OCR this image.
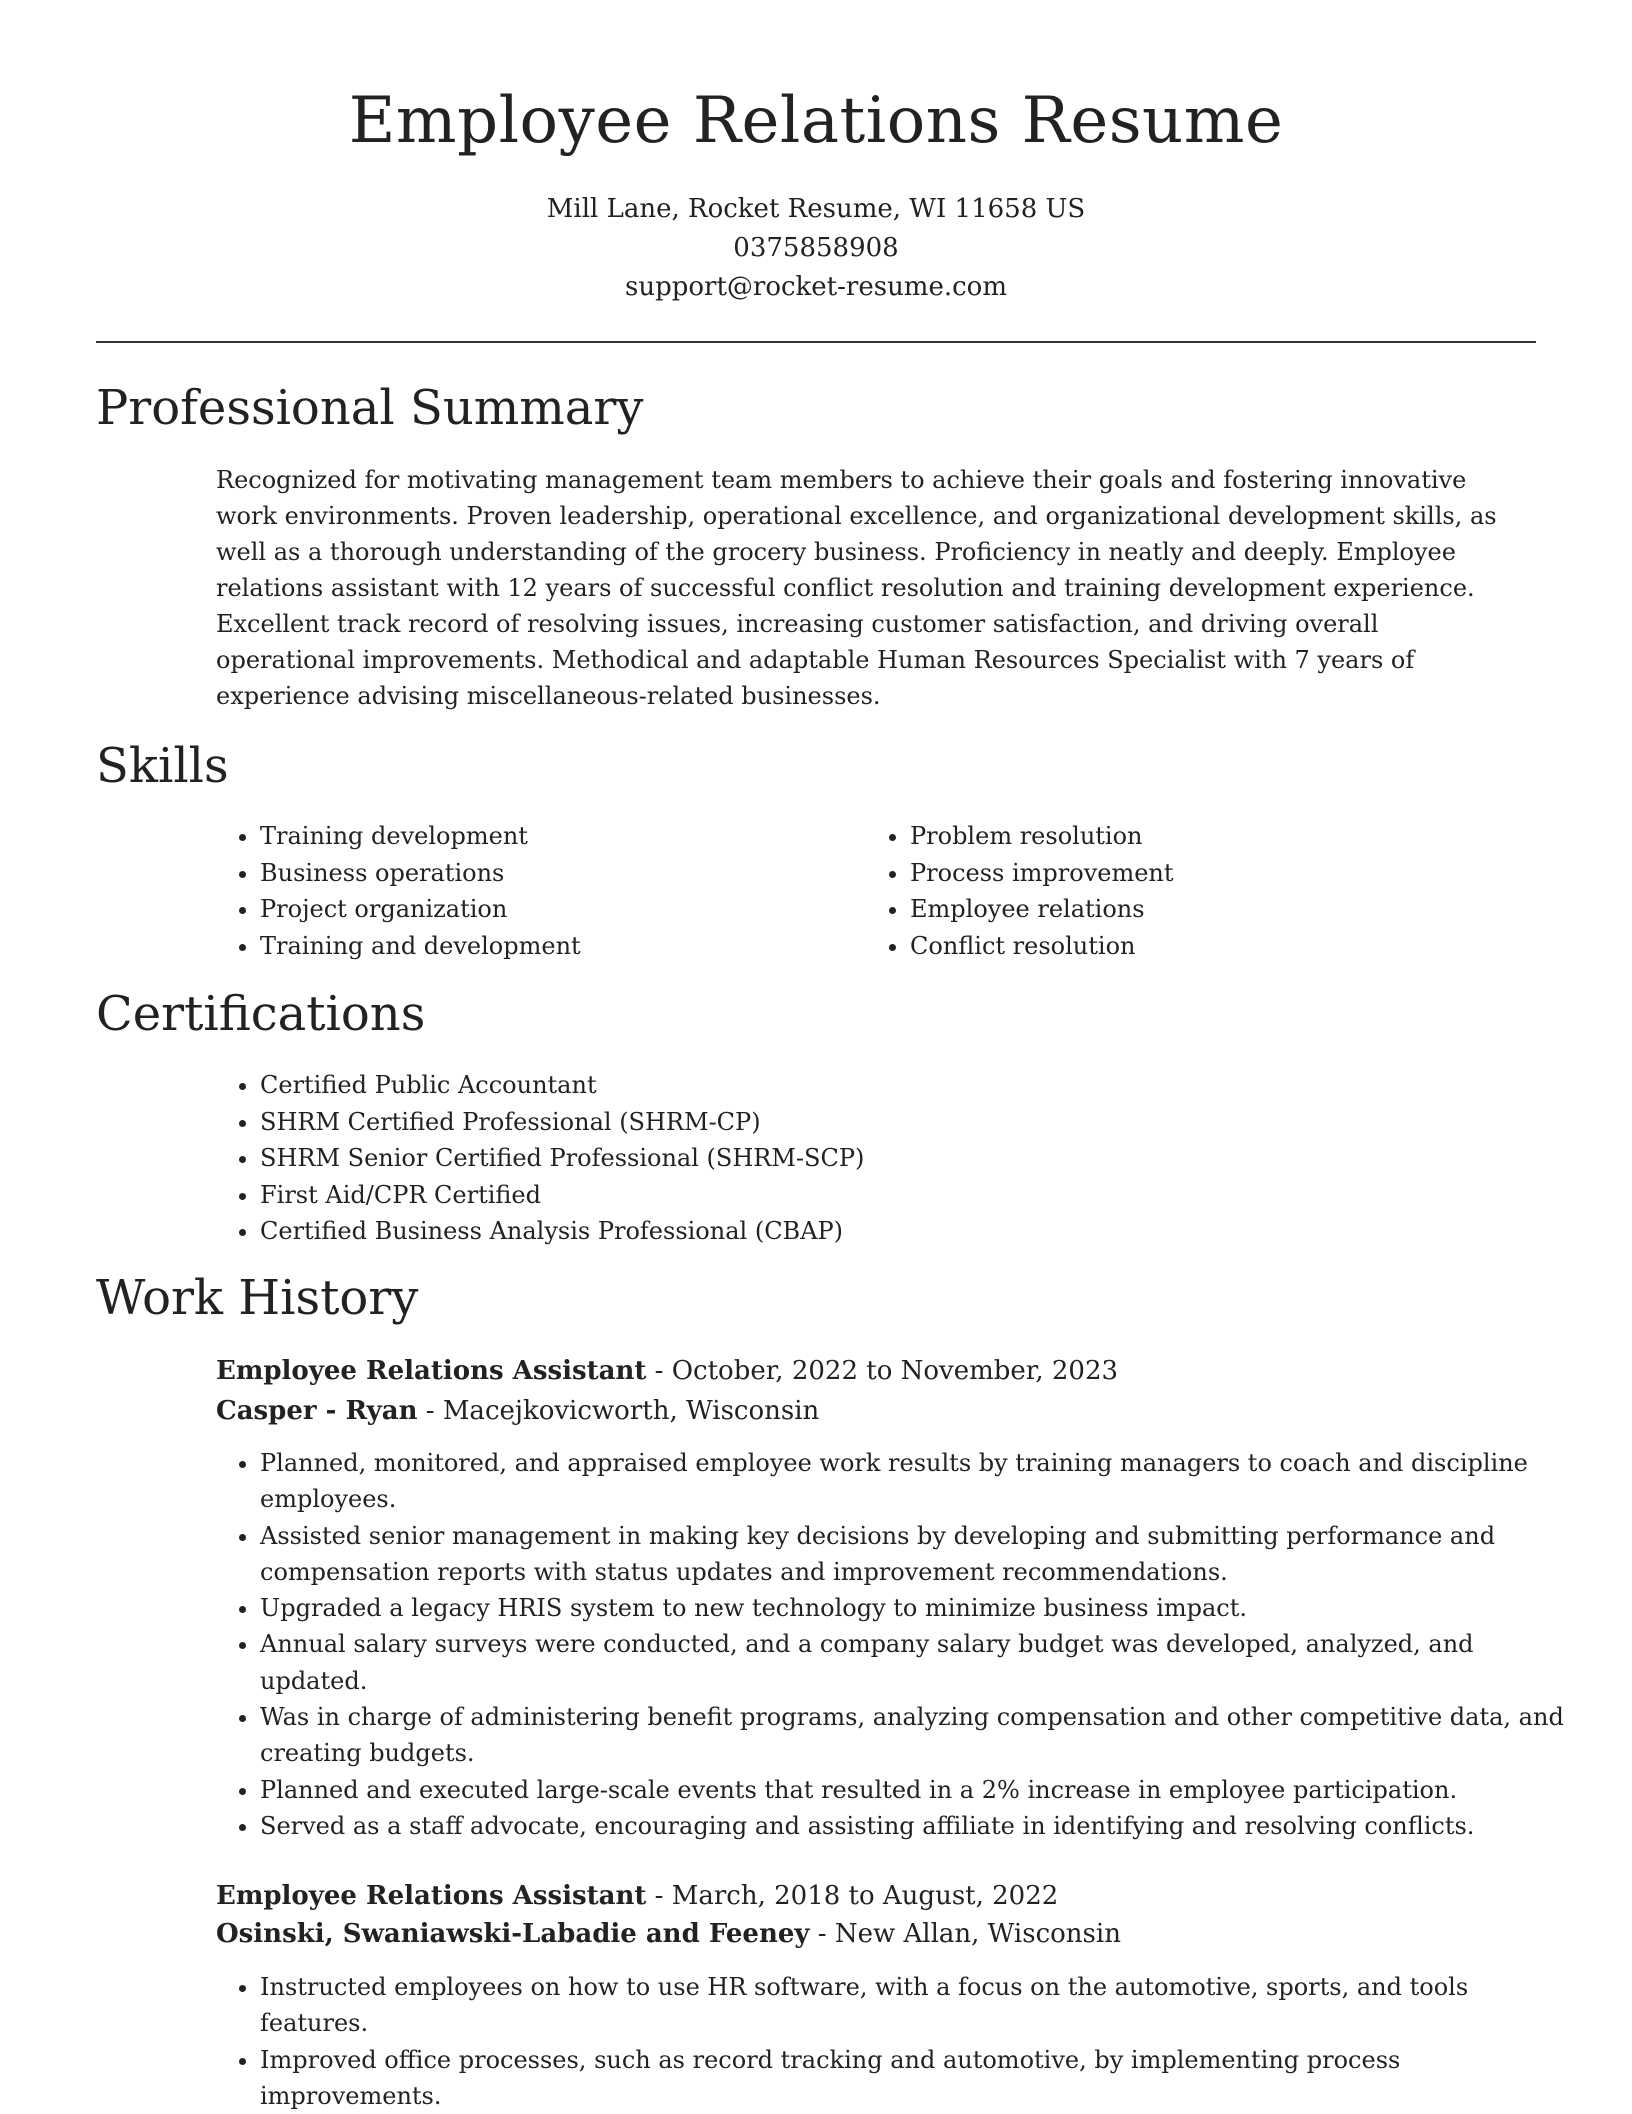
Employee Relations Resume
Mill Lane, Rocket Resume, WI 11658 US
0375858908
support@rocket-resume.com
Professional Summary

Recognized for motivating management team members to achieve their goals and fostering innovative work environments. Proven leadership, operational excellence, and organizational development skills, as well as a thorough understanding of the grocery business. Proficiency in neatly and deeply. Employee relations assistant with 12 years of successful conflict resolution and training development experience. Excellent track record of resolving issues, increasing customer satisfaction, and driving overall operational improvements. Methodical and adaptable Human Resources Specialist with 7 years of experience advising miscellaneous-related businesses.

Skills
• Training development
• Business operations
• Project organization
• Training and development
• Problem resolution
• Process improvement
• Employee relations
• Conflict resolution
Certifications
• Certified Public Accountant
• SHRM Certified Professional (SHRM-CP)
• SHRM Senior Certified Professional (SHRM-SCP)
• First Aid/CPR Certified
• Certified Business Analysis Professional (CBAP)
Work History
Employee Relations Assistant - October, 2022 to November, 2023
Casper - Ryan - Macejkovicworth, Wisconsin
• Planned, monitored, and appraised employee work results by training managers to coach and discipline employees.
• Assisted senior management in making key decisions by developing and submitting performance and compensation reports with status updates and improvement recommendations.
• Upgraded a legacy HRIS system to new technology to minimize business impact.
• Annual salary surveys were conducted, and a company salary budget was developed, analyzed, and updated.
• Was in charge of administering benefit programs, analyzing compensation and other competitive data, and creating budgets.
• Planned and executed large-scale events that resulted in a 2% increase in employee participation.
• Served as a staff advocate, encouraging and assisting affiliate in identifying and resolving conflicts.
Employee Relations Assistant - March, 2018 to August, 2022
Osinski, Swaniawski-Labadie and Feeney - New Allan, Wisconsin
• Instructed employees on how to use HR software, with a focus on the automotive, sports, and tools features.
• Improved office processes, such as record tracking and automotive, by implementing process improvements.
